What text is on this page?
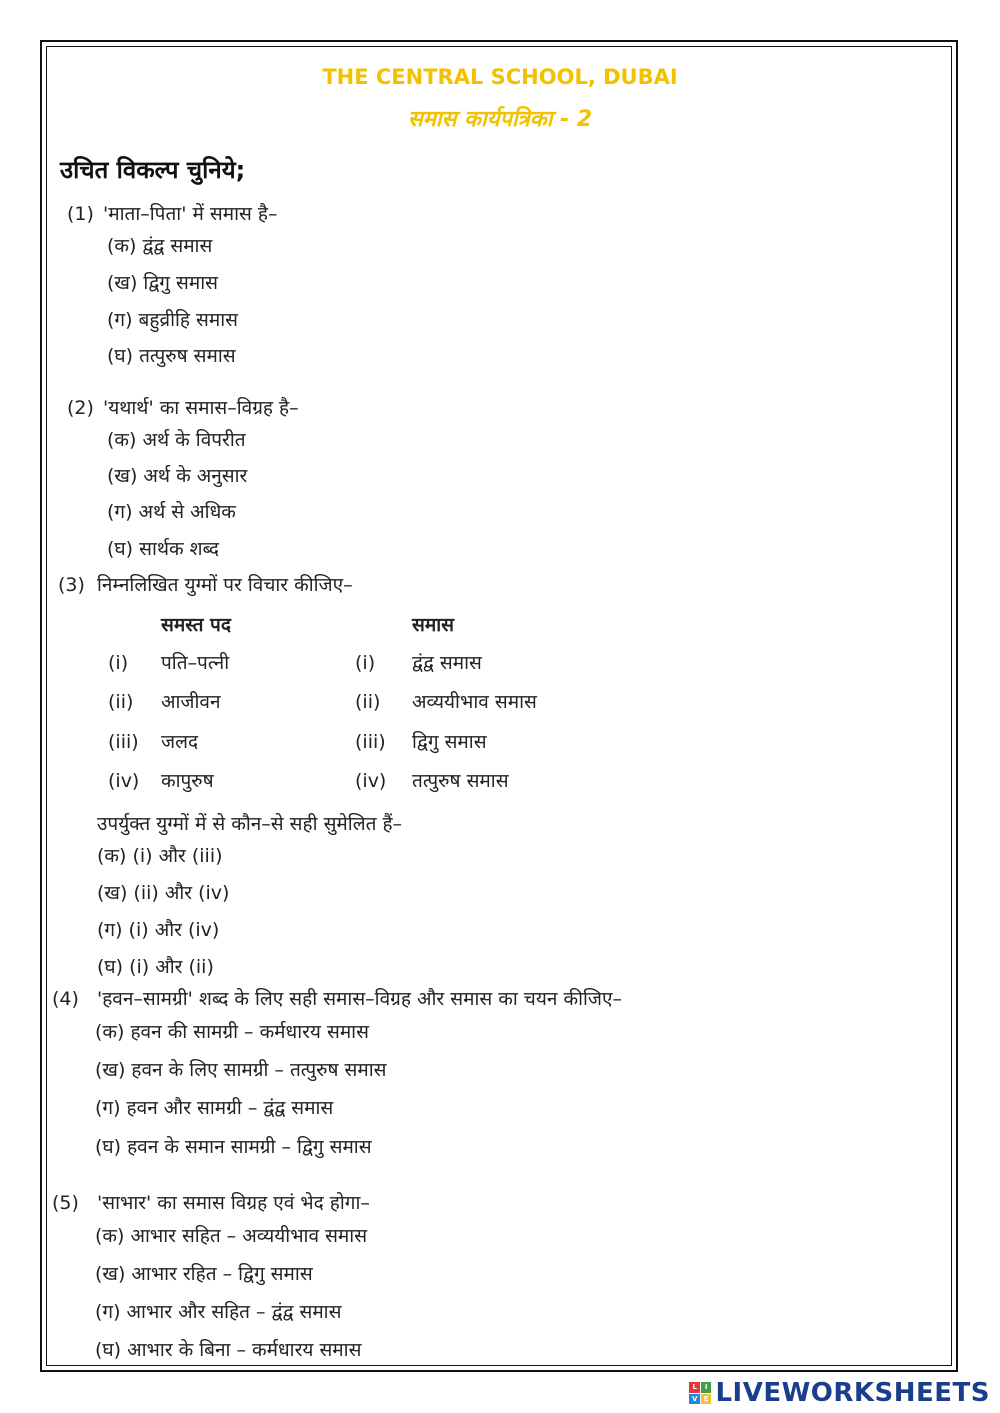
THE CENTRAL SCHOOL, DUBAI
समास कार्यपत्रिका - 2
उचित विकल्प चुनिये;
(1) 'माता–पिता' में समास है–
(क) द्वंद्व समास
(ख) द्विगु समास
(ग) बहुव्रीहि समास
(घ) तत्पुरुष समास
(2) 'यथार्थ' का समास–विग्रह है–
(क) अर्थ के विपरीत
(ख) अर्थ के अनुसार
(ग) अर्थ से अधिक
(घ) सार्थक शब्द
(3) निम्नलिखित युग्मों पर विचार कीजिए–
समस्त पद	समास
(i) पति–पत्नी	(i) द्वंद्व समास
(ii) आजीवन	(ii) अव्ययीभाव समास
(iii) जलद	(iii) द्विगु समास
(iv) कापुरुष	(iv) तत्पुरुष समास
उपर्युक्त युग्मों में से कौन–से सही सुमेलित हैं–
(क) (i) और (iii)
(ख) (ii) और (iv)
(ग) (i) और (iv)
(घ) (i) और (ii)
(4) 'हवन–सामग्री' शब्द के लिए सही समास–विग्रह और समास का चयन कीजिए–
(क) हवन की सामग्री – कर्मधारय समास
(ख) हवन के लिए सामग्री – तत्पुरुष समास
(ग) हवन और सामग्री – द्वंद्व समास
(घ) हवन के समान सामग्री – द्विगु समास
(5) 'साभार' का समास विग्रह एवं भेद होगा–
(क) आभार सहित – अव्ययीभाव समास
(ख) आभार रहित – द्विगु समास
(ग) आभार और सहित – द्वंद्व समास
(घ) आभार के बिना – कर्मधारय समास
L	I
V E LIVEWORKSHEETS
